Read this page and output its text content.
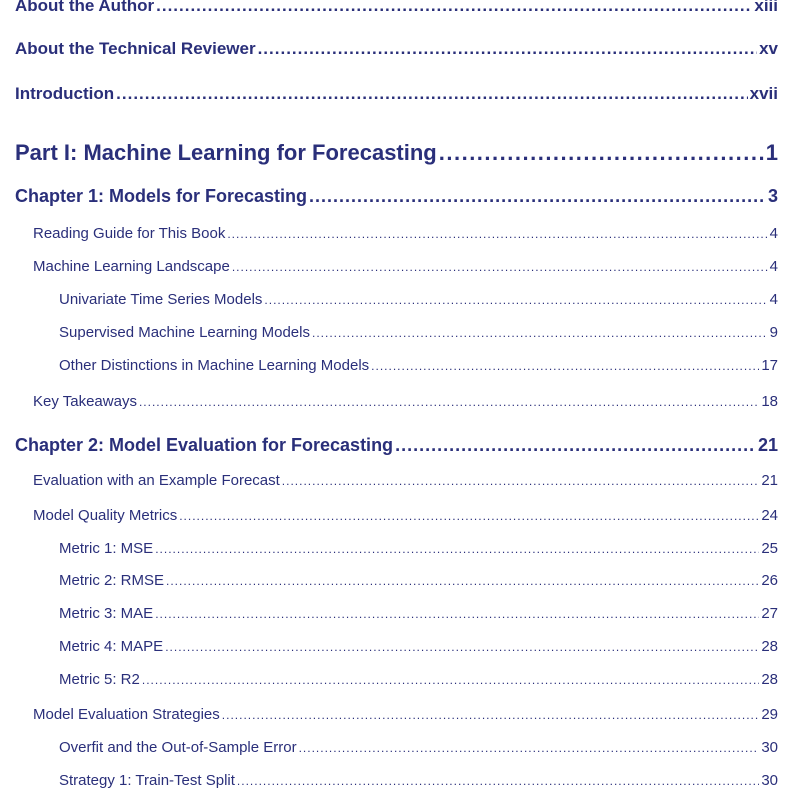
About the Author .....	xiii
About the Technical Reviewer .....	xv
Introduction .....	xvii
Part I: Machine Learning for Forecasting .....	1
Chapter 1: Models for Forecasting .....	3
Reading Guide for This Book .....	4
Machine Learning Landscape .....	4
Univariate Time Series Models .....	4
Supervised Machine Learning Models .....	9
Other Distinctions in Machine Learning Models .....	17
Key Takeaways .....	18
Chapter 2: Model Evaluation for Forecasting .....	21
Evaluation with an Example Forecast .....	21
Model Quality Metrics .....	24
Metric 1: MSE .....	25
Metric 2: RMSE .....	26
Metric 3: MAE .....	27
Metric 4: MAPE .....	28
Metric 5: R2 .....	28
Model Evaluation Strategies .....	29
Overfit and the Out-of-Sample Error .....	30
Strategy 1: Train-Test Split .....	30
